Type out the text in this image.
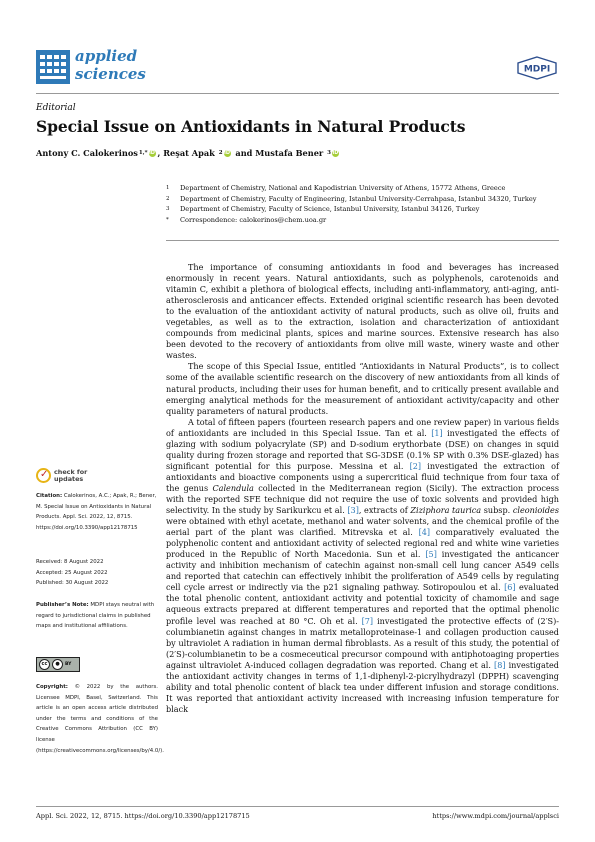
applied
sciences	MDPI
Editorial
Special Issue on Antioxidants in Natural Products
Antony C. Calokerinos 1,* iD , Reşat Apak
2 iD
and Mustafa Bener
3 iD
1	Department of Chemistry, National and Kapodistrian University of Athens, 15772 Athens, Greece
2	Department of Chemistry, Faculty of Engineering, Istanbul University-Cerrahpasa, Istanbul 34320, Turkey
3	Department of Chemistry, Faculty of Science, Istanbul University, Istanbul 34126, Turkey
*	Correspondence: calokerinos@chem.uoa.gr

The importance of consuming antioxidants in food and beverages has increased enormously in recent years. Natural antioxidants, such as polyphenols, carotenoids and vitamin C, exhibit a plethora of biological effects, including anti-inflammatory, anti-aging, anti-atherosclerosis and anticancer effects. Extended original scientific research has been devoted to the evaluation of the antioxidant activity of natural products, such as olive oil, fruits and vegetables, as well as to the extraction, isolation and characterization of antioxidant compounds from medicinal plants, spices and marine sources. Extensive research has also been devoted to the recovery of antioxidants from olive mill waste, winery waste and other wastes.

The scope of this Special Issue, entitled “Antioxidants in Natural Products”, is to collect some of the available scientific research on the discovery of new antioxidants from all kinds of natural products, including their uses for human benefit, and to critically present available and emerging analytical methods for the measurement of antioxidant activity/capacity and other quality parameters of natural products.

A total of fifteen papers (fourteen research papers and one review paper) in various fields of antioxidants are included in this Special Issue. Tan et al. [1] investigated the effects of glazing with sodium polyacrylate (SP) and D-sodium erythorbate (DSE) on changes in squid quality during frozen storage and reported that SG-3DSE (0.1% SP with 0.3% DSE-glazed) has significant potential for this purpose. Messina et al. [2] investigated the extraction of antioxidants and bioactive components using a supercritical fluid technique from four taxa of the genus Calendula collected in the Mediterranean region (Sicily). The extraction process with the reported SFE technique did not require the use of toxic solvents and provided high selectivity. In the study by Sarikurkcu et al. [3], extracts of Ziziphora taurica subsp. cleonioides were obtained with ethyl acetate, methanol and water solvents, and the chemical profile of the aerial part of the plant was clarified. Mitrevska et al. [4] comparatively evaluated the polyphenolic content and antioxidant activity of selected regional red and white wine varieties produced in the Republic of North Macedonia. Sun et al. [5] investigated the anticancer activity and inhibition mechanism of catechin against non-small cell lung cancer A549 cells and reported that catechin can effectively inhibit the proliferation of A549 cells by regulating cell cycle arrest or indirectly via the p21 signaling pathway. Sotiropoulou et al. [6] evaluated the total phenolic content, antioxidant activity and potential toxicity of chamomile and sage aqueous extracts prepared at different temperatures and reported that the optimal phenolic profile level was reached at 80 °C. Oh et al. [7] investigated the protective effects of (2′S)-columbianetin against changes in matrix metalloproteinase-1 and collagen production caused by ultraviolet A radiation in human dermal fibroblasts. As a result of this study, the potential of (2′S)-columbianetin to be a cosmeceutical precursor compound with antiphotoaging properties against ultraviolet A-induced collagen degradation was reported. Chang et al. [8] investigated the antioxidant activity changes in terms of 1,1-diphenyl-2-picrylhydrazyl (DPPH) scavenging ability and total phenolic content of black tea under different infusion and storage conditions. It was reported that antioxidant activity increased with increasing infusion temperature for black

✓ check for
updates
Citation: Calokerinos, A.C.; Apak, R.; Bener, M. Special Issue on Antioxidants in Natural Products. Appl. Sci. 2022, 12, 8715. https://doi.org/10.3390/app12178715
Received: 8 August 2022
Accepted: 25 August 2022
Published: 30 August 2022
Publisher’s Note: MDPI stays neutral with regard to jurisdictional claims in published maps and institutional affiliations.
cc	●	BY
Copyright: © 2022 by the authors. Licensee MDPI, Basel, Switzerland. This article is an open access article distributed under the terms and conditions of the Creative Commons Attribution (CC BY) license (https://creativecommons.org/licenses/by/4.0/).
Appl. Sci. 2022, 12, 8715. https://doi.org/10.3390/app12178715	https://www.mdpi.com/journal/applsci
